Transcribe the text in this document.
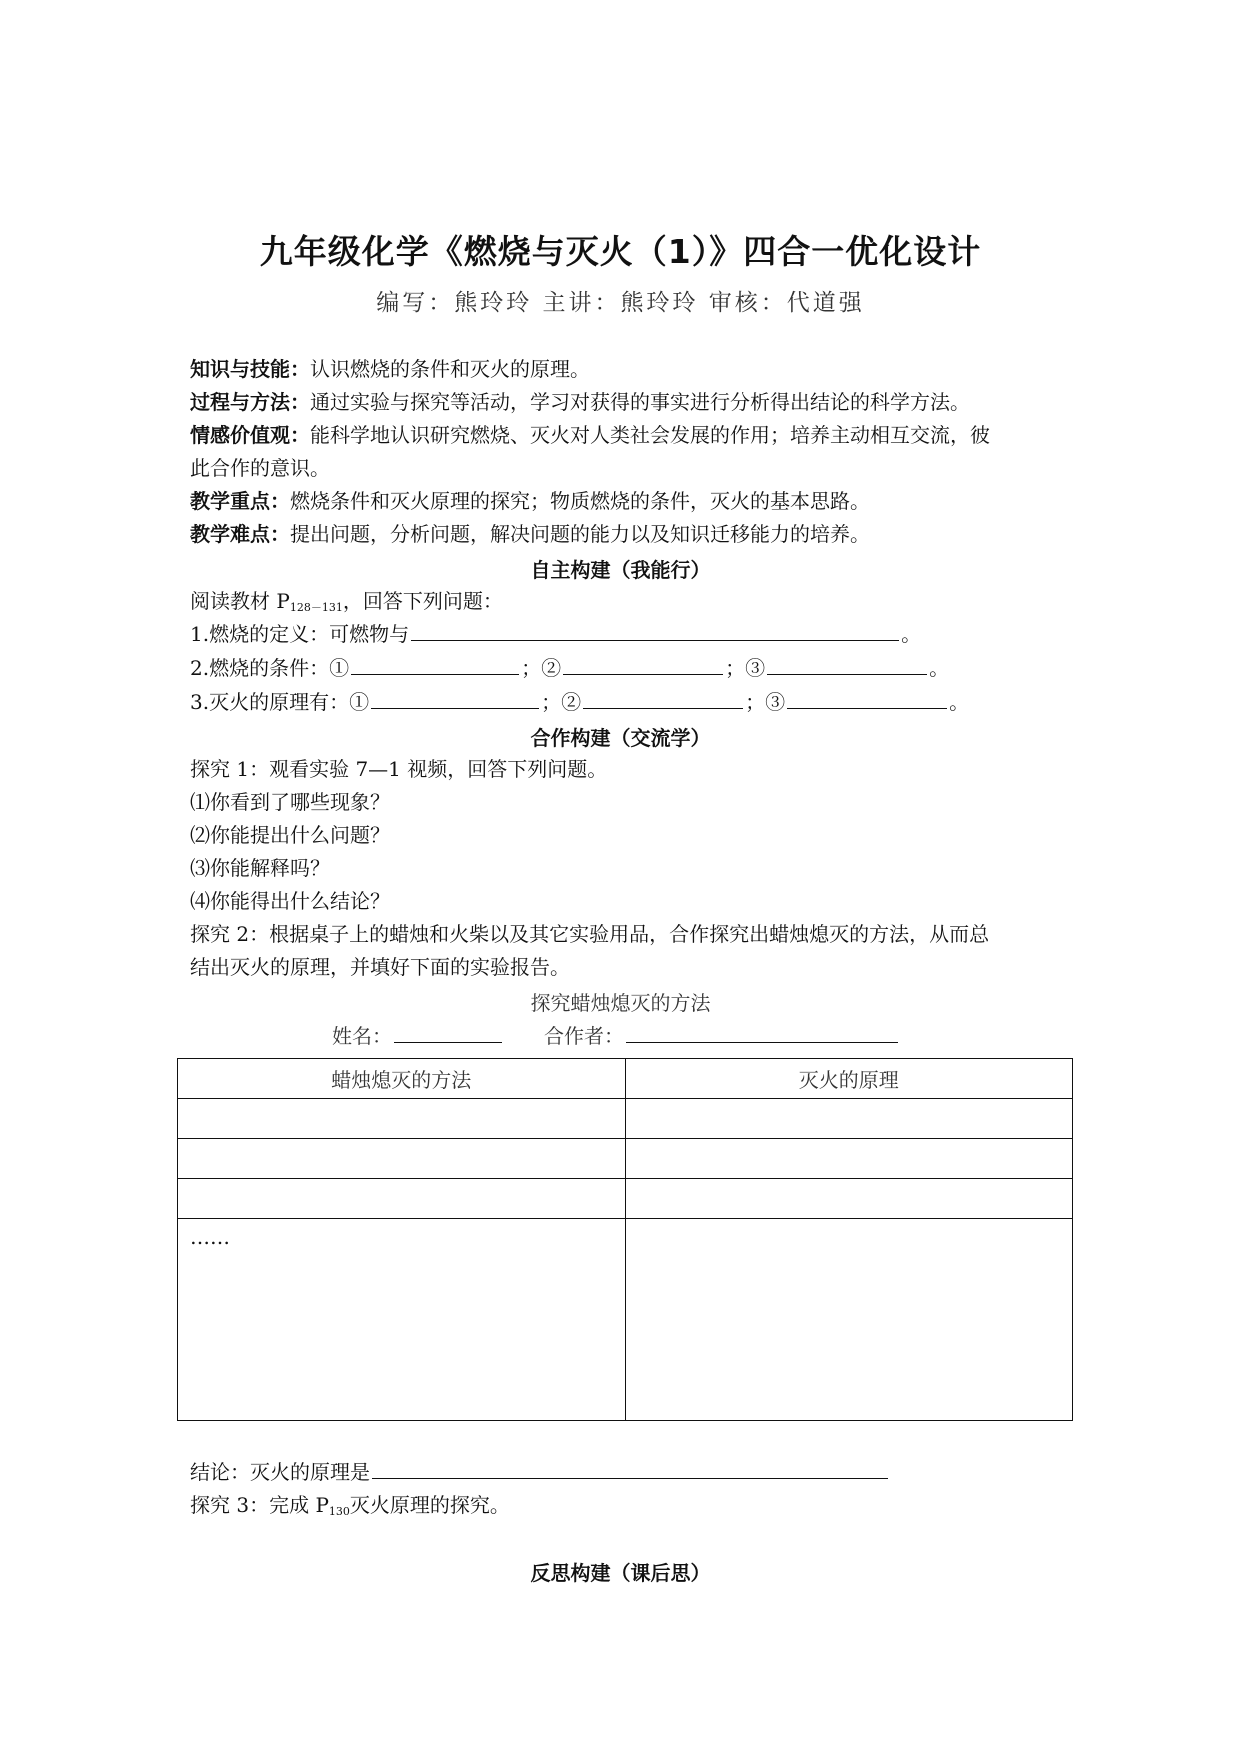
九年级化学《燃烧与灭火（1）》四合一优化设计
编写：熊玲玲 主讲：熊玲玲 审核：代道强
知识与技能：认识燃烧的条件和灭火的原理。
过程与方法：通过实验与探究等活动，学习对获得的事实进行分析得出结论的科学方法。
情感价值观：能科学地认识研究燃烧、灭火对人类社会发展的作用；培养主动相互交流，彼
此合作的意识。
教学重点：燃烧条件和灭火原理的探究；物质燃烧的条件，灭火的基本思路。
教学难点：提出问题，分析问题，解决问题的能力以及知识迁移能力的培养。
自主构建（我能行）
阅读教材 $P_{128-131}$，回答下列问题：
1.燃烧的定义：可燃物与	。
2.燃烧的条件：①	；②	；③	。
3.灭火的原理有：①	；②	；③	。
合作构建（交流学）
探究 1：观看实验 7—1 视频，回答下列问题。
⑴你看到了哪些现象？
⑵你能提出什么问题？
⑶你能解释吗？
⑷你能得出什么结论？
探究 2：根据桌子上的蜡烛和火柴以及其它实验用品，合作探究出蜡烛熄灭的方法，从而总
结出灭火的原理，并填好下面的实验报告。
探究蜡烛熄灭的方法
姓名：	合作者：
蜡烛熄灭的方法	灭火的原理

……	
结论：灭火的原理是
探究 3：完成 $P_{130}$灭火原理的探究。
反思构建（课后思）
